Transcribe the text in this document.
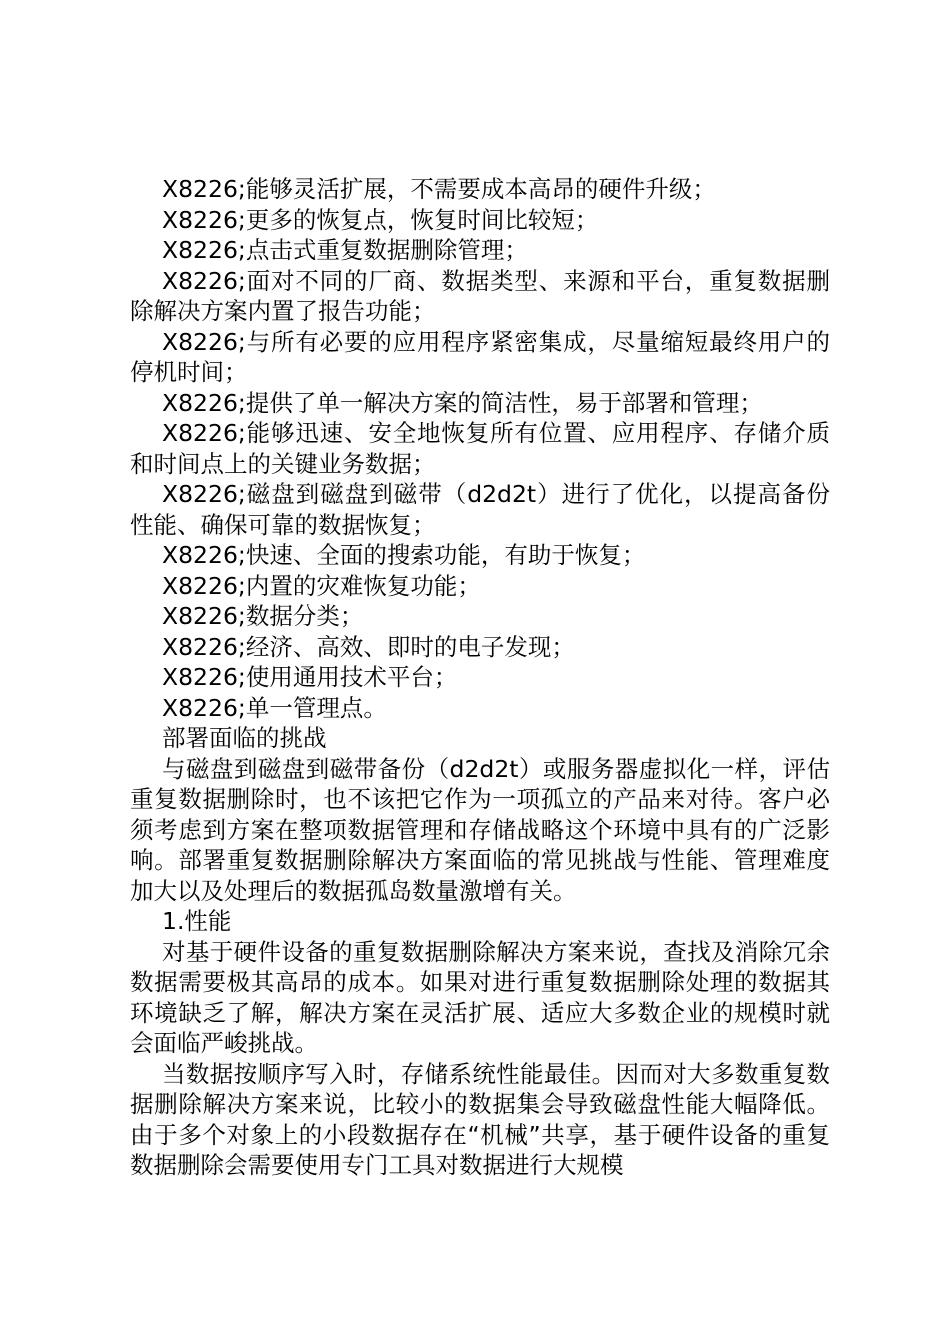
X8226;能够灵活扩展，不需要成本高昂的硬件升级；

X8226;更多的恢复点，恢复时间比较短；

X8226;点击式重复数据删除管理；

X8226;面对不同的厂商、数据类型、来源和平台，重复数据删除解决方案内置了报告功能；

X8226;与所有必要的应用程序紧密集成，尽量缩短最终用户的停机时间；

X8226;提供了单一解决方案的简洁性，易于部署和管理；

X8226;能够迅速、安全地恢复所有位置、应用程序、存储介质和时间点上的关键业务数据；

X8226;磁盘到磁盘到磁带（d2d2t）进行了优化，以提高备份性能、确保可靠的数据恢复；

X8226;快速、全面的搜索功能，有助于恢复；

X8226;内置的灾难恢复功能；

X8226;数据分类；

X8226;经济、高效、即时的电子发现；

X8226;使用通用技术平台；

X8226;单一管理点。

部署面临的挑战

与磁盘到磁盘到磁带备份（d2d2t）或服务器虚拟化一样，评估重复数据删除时，也不该把它作为一项孤立的产品来对待。客户必须考虑到方案在整项数据管理和存储战略这个环境中具有的广泛影响。部署重复数据删除解决方案面临的常见挑战与性能、管理难度加大以及处理后的数据孤岛数量激增有关。

1.性能

对基于硬件设备的重复数据删除解决方案来说，查找及消除冗余数据需要极其高昂的成本。如果对进行重复数据删除处理的数据其环境缺乏了解，解决方案在灵活扩展、适应大多数企业的规模时就会面临严峻挑战。

当数据按顺序写入时，存储系统性能最佳。因而对大多数重复数据删除解决方案来说，比较小的数据集会导致磁盘性能大幅降低。由于多个对象上的小段数据存在“机械”共享，基于硬件设备的重复数据删除会需要使用专门工具对数据进行大规模
